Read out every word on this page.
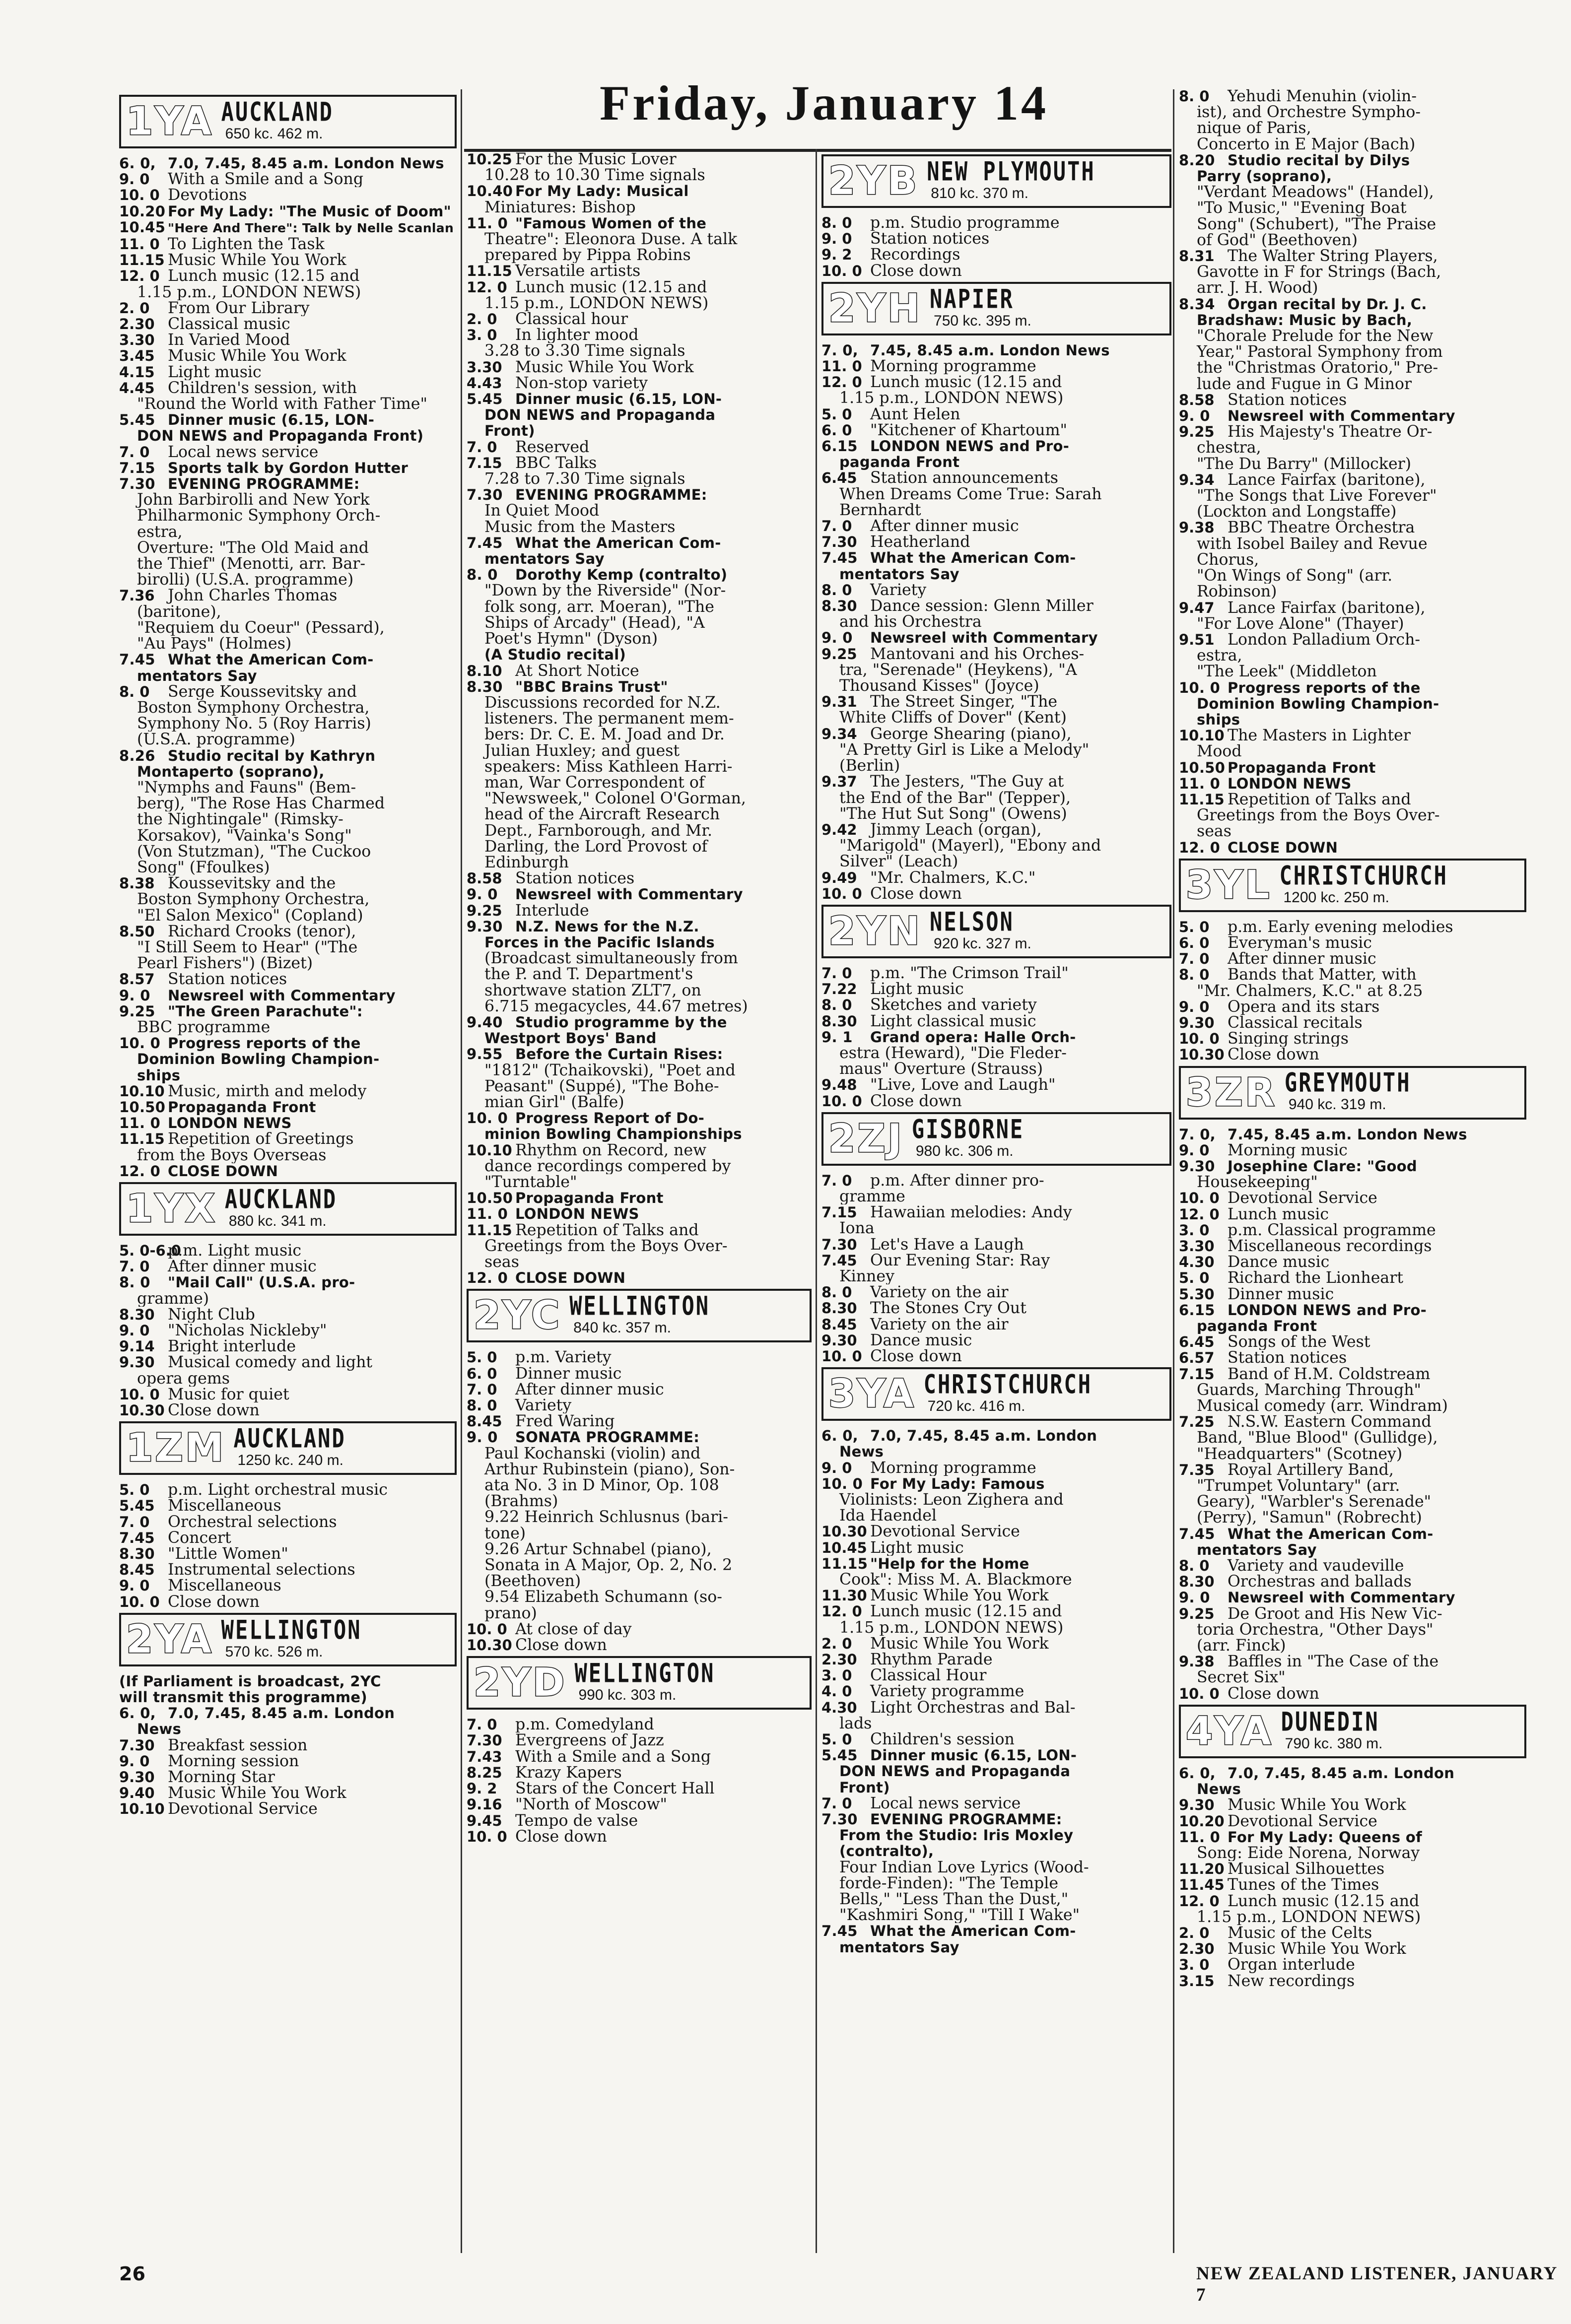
Friday, January 14
1YA AUCKLAND
650 kc. 462 m.
6. 0, 7.0, 7.45, 8.45 a.m. London News
9. 0 With a Smile and a Song
10. 0 Devotions
10.20 For My Lady: "The Music of Doom"
10.45 "Here And There": Talk by Nelle Scanlan
11. 0 To Lighten the Task
11.15 Music While You Work
12. 0 Lunch music (12.15 and
1.15 p.m., LONDON NEWS)
2. 0 From Our Library
2.30 Classical music
3.30 In Varied Mood
3.45 Music While You Work
4.15 Light music
4.45 Children's session, with
"Round the World with Father Time"
5.45 Dinner music (6.15, LON-
DON NEWS and Propaganda Front)
7. 0 Local news service
7.15 Sports talk by Gordon Hutter
7.30 EVENING PROGRAMME:
John Barbirolli and New York
Philharmonic Symphony Orch-
estra,
Overture: "The Old Maid and
the Thief" (Menotti, arr. Bar-
birolli) (U.S.A. programme)
7.36 John Charles Thomas
(baritone),
"Requiem du Coeur" (Pessard),
"Au Pays" (Holmes)
7.45 What the American Com-
mentators Say
8. 0 Serge Koussevitsky and
Boston Symphony Orchestra,
Symphony No. 5 (Roy Harris)
(U.S.A. programme)
8.26 Studio recital by Kathryn
Montaperto (soprano),
"Nymphs and Fauns" (Bem-
berg), "The Rose Has Charmed
the Nightingale" (Rimsky-
Korsakov), "Vainka's Song"
(Von Stutzman), "The Cuckoo
Song" (Ffoulkes)
8.38 Koussevitsky and the
Boston Symphony Orchestra,
"El Salon Mexico" (Copland)
8.50 Richard Crooks (tenor),
"I Still Seem to Hear" ("The
Pearl Fishers") (Bizet)
8.57 Station notices
9. 0 Newsreel with Commentary
9.25 "The Green Parachute":
BBC programme
10. 0 Progress reports of the
Dominion Bowling Champion-
ships
10.10 Music, mirth and melody
10.50 Propaganda Front
11. 0 LONDON NEWS
11.15 Repetition of Greetings
from the Boys Overseas
12. 0 CLOSE DOWN
1YX AUCKLAND
880 kc. 341 m.
5. 0-6.0p.m. Light music
7. 0 After dinner music
8. 0 "Mail Call" (U.S.A. pro-
gramme)
8.30 Night Club
9. 0 "Nicholas Nickleby"
9.14 Bright interlude
9.30 Musical comedy and light
opera gems
10. 0 Music for quiet
10.30 Close down
1ZM AUCKLAND
1250 kc. 240 m.
5. 0 p.m. Light orchestral music
5.45 Miscellaneous
7. 0 Orchestral selections
7.45 Concert
8.30 "Little Women"
8.45 Instrumental selections
9. 0 Miscellaneous
10. 0 Close down
2YA WELLINGTON
570 kc. 526 m.
(If Parliament is broadcast, 2YC
will transmit this programme)
6. 0, 7.0, 7.45, 8.45 a.m. London
News
7.30 Breakfast session
9. 0 Morning session
9.30 Morning Star
9.40 Music While You Work
10.10 Devotional Service
10.25 For the Music Lover
10.28 to 10.30 Time signals
10.40 For My Lady: Musical
Miniatures: Bishop
11. 0 "Famous Women of the
Theatre": Eleonora Duse. A talk
prepared by Pippa Robins
11.15 Versatile artists
12. 0 Lunch music (12.15 and
1.15 p.m., LONDON NEWS)
2. 0 Classical hour
3. 0 In lighter mood
3.28 to 3.30 Time signals
3.30 Music While You Work
4.43 Non-stop variety
5.45 Dinner music (6.15, LON-
DON NEWS and Propaganda
Front)
7. 0 Reserved
7.15 BBC Talks
7.28 to 7.30 Time signals
7.30 EVENING PROGRAMME:
In Quiet Mood
Music from the Masters
7.45 What the American Com-
mentators Say
8. 0 Dorothy Kemp (contralto)
"Down by the Riverside" (Nor-
folk song, arr. Moeran), "The
Ships of Arcady" (Head), "A
Poet's Hymn" (Dyson)
(A Studio recital)
8.10 At Short Notice
8.30 "BBC Brains Trust"
Discussions recorded for N.Z.
listeners. The permanent mem-
bers: Dr. C. E. M. Joad and Dr.
Julian Huxley; and guest
speakers: Miss Kathleen Harri-
man, War Correspondent of
"Newsweek," Colonel O'Gorman,
head of the Aircraft Research
Dept., Farnborough, and Mr.
Darling, the Lord Provost of
Edinburgh
8.58 Station notices
9. 0 Newsreel with Commentary
9.25 Interlude
9.30 N.Z. News for the N.Z.
Forces in the Pacific Islands
(Broadcast simultaneously from
the P. and T. Department's
shortwave station ZLT7, on
6.715 megacycles, 44.67 metres)
9.40 Studio programme by the
Westport Boys' Band
9.55 Before the Curtain Rises:
"1812" (Tchaikovski), "Poet and
Peasant" (Suppé), "The Bohe-
mian Girl" (Balfe)
10. 0 Progress Report of Do-
minion Bowling Championships
10.10 Rhythm on Record, new
dance recordings compered by
"Turntable"
10.50 Propaganda Front
11. 0 LONDON NEWS
11.15 Repetition of Talks and
Greetings from the Boys Over-
seas
12. 0 CLOSE DOWN
2YC WELLINGTON
840 kc. 357 m.
5. 0 p.m. Variety
6. 0 Dinner music
7. 0 After dinner music
8. 0 Variety
8.45 Fred Waring
9. 0 SONATA PROGRAMME:
Paul Kochanski (violin) and
Arthur Rubinstein (piano), Son-
ata No. 3 in D Minor, Op. 108
(Brahms)
9.22 Heinrich Schlusnus (bari-
tone)
9.26 Artur Schnabel (piano),
Sonata in A Major, Op. 2, No. 2
(Beethoven)
9.54 Elizabeth Schumann (so-
prano)
10. 0 At close of day
10.30 Close down
2YD WELLINGTON
990 kc. 303 m.
7. 0 p.m. Comedyland
7.30 Evergreens of Jazz
7.43 With a Smile and a Song
8.25 Krazy Kapers
9. 2 Stars of the Concert Hall
9.16 "North of Moscow"
9.45 Tempo de valse
10. 0 Close down
2YB NEW PLYMOUTH
810 kc. 370 m.
8. 0 p.m. Studio programme
9. 0 Station notices
9. 2 Recordings
10. 0 Close down
2YH NAPIER
750 kc. 395 m.
7. 0, 7.45, 8.45 a.m. London News
11. 0 Morning programme
12. 0 Lunch music (12.15 and
1.15 p.m., LONDON NEWS)
5. 0 Aunt Helen
6. 0 "Kitchener of Khartoum"
6.15 LONDON NEWS and Pro-
paganda Front
6.45 Station announcements
When Dreams Come True: Sarah
Bernhardt
7. 0 After dinner music
7.30 Heatherland
7.45 What the American Com-
mentators Say
8. 0 Variety
8.30 Dance session: Glenn Miller
and his Orchestra
9. 0 Newsreel with Commentary
9.25 Mantovani and his Orches-
tra, "Serenade" (Heykens), "A
Thousand Kisses" (Joyce)
9.31 The Street Singer, "The
White Cliffs of Dover" (Kent)
9.34 George Shearing (piano),
"A Pretty Girl is Like a Melody"
(Berlin)
9.37 The Jesters, "The Guy at
the End of the Bar" (Tepper),
"The Hut Sut Song" (Owens)
9.42 Jimmy Leach (organ),
"Marigold" (Mayerl), "Ebony and
Silver" (Leach)
9.49 "Mr. Chalmers, K.C."
10. 0 Close down
2YN NELSON
920 kc. 327 m.
7. 0 p.m. "The Crimson Trail"
7.22 Light music
8. 0 Sketches and variety
8.30 Light classical music
9. 1 Grand opera: Halle Orch-
estra (Heward), "Die Fleder-
maus" Overture (Strauss)
9.48 "Live, Love and Laugh"
10. 0 Close down
2ZJ GISBORNE
980 kc. 306 m.
7. 0 p.m. After dinner pro-
gramme
7.15 Hawaiian melodies: Andy
Iona
7.30 Let's Have a Laugh
7.45 Our Evening Star: Ray
Kinney
8. 0 Variety on the air
8.30 The Stones Cry Out
8.45 Variety on the air
9.30 Dance music
10. 0 Close down
3YA CHRISTCHURCH
720 kc. 416 m.
6. 0, 7.0, 7.45, 8.45 a.m. London
News
9. 0 Morning programme
10. 0 For My Lady: Famous
Violinists: Leon Zighera and
Ida Haendel
10.30 Devotional Service
10.45 Light music
11.15 "Help for the Home
Cook": Miss M. A. Blackmore
11.30 Music While You Work
12. 0 Lunch music (12.15 and
1.15 p.m., LONDON NEWS)
2. 0 Music While You Work
2.30 Rhythm Parade
3. 0 Classical Hour
4. 0 Variety programme
4.30 Light Orchestras and Bal-
lads
5. 0 Children's session
5.45 Dinner music (6.15, LON-
DON NEWS and Propaganda
Front)
7. 0 Local news service
7.30 EVENING PROGRAMME:
From the Studio: Iris Moxley
(contralto),
Four Indian Love Lyrics (Wood-
forde-Finden): "The Temple
Bells," "Less Than the Dust,"
"Kashmiri Song," "Till I Wake"
7.45 What the American Com-
mentators Say
8. 0 Yehudi Menuhin (violin-
ist), and Orchestre Sympho-
nique of Paris,
Concerto in E Major (Bach)
8.20 Studio recital by Dilys
Parry (soprano),
"Verdant Meadows" (Handel),
"To Music," "Evening Boat
Song" (Schubert), "The Praise
of God" (Beethoven)
8.31 The Walter String Players,
Gavotte in F for Strings (Bach,
arr. J. H. Wood)
8.34 Organ recital by Dr. J. C.
Bradshaw: Music by Bach,
"Chorale Prelude for the New
Year," Pastoral Symphony from
the "Christmas Oratorio," Pre-
lude and Fugue in G Minor
8.58 Station notices
9. 0 Newsreel with Commentary
9.25 His Majesty's Theatre Or-
chestra,
"The Du Barry" (Millocker)
9.34 Lance Fairfax (baritone),
"The Songs that Live Forever"
(Lockton and Longstaffe)
9.38 BBC Theatre Orchestra
with Isobel Bailey and Revue
Chorus,
"On Wings of Song" (arr.
Robinson)
9.47 Lance Fairfax (baritone),
"For Love Alone" (Thayer)
9.51 London Palladium Orch-
estra,
"The Leek" (Middleton
10. 0 Progress reports of the
Dominion Bowling Champion-
ships
10.10 The Masters in Lighter
Mood
10.50 Propaganda Front
11. 0 LONDON NEWS
11.15 Repetition of Talks and
Greetings from the Boys Over-
seas
12. 0 CLOSE DOWN
3YL CHRISTCHURCH
1200 kc. 250 m.
5. 0 p.m. Early evening melodies
6. 0 Everyman's music
7. 0 After dinner music
8. 0 Bands that Matter, with
"Mr. Chalmers, K.C." at 8.25
9. 0 Opera and its stars
9.30 Classical recitals
10. 0 Singing strings
10.30 Close down
3ZR GREYMOUTH
940 kc. 319 m.
7. 0, 7.45, 8.45 a.m. London News
9. 0 Morning music
9.30 Josephine Clare: "Good
Housekeeping"
10. 0 Devotional Service
12. 0 Lunch music
3. 0 p.m. Classical programme
3.30 Miscellaneous recordings
4.30 Dance music
5. 0 Richard the Lionheart
5.30 Dinner music
6.15 LONDON NEWS and Pro-
paganda Front
6.45 Songs of the West
6.57 Station notices
7.15 Band of H.M. Coldstream
Guards, Marching Through"
Musical comedy (arr. Windram)
7.25 N.S.W. Eastern Command
Band, "Blue Blood" (Gullidge),
"Headquarters" (Scotney)
7.35 Royal Artillery Band,
"Trumpet Voluntary" (arr.
Geary), "Warbler's Serenade"
(Perry), "Samun" (Robrecht)
7.45 What the American Com-
mentators Say
8. 0 Variety and vaudeville
8.30 Orchestras and ballads
9. 0 Newsreel with Commentary
9.25 De Groot and His New Vic-
toria Orchestra, "Other Days"
(arr. Finck)
9.38 Baffles in "The Case of the
Secret Six"
10. 0 Close down
4YA DUNEDIN
790 kc. 380 m.
6. 0, 7.0, 7.45, 8.45 a.m. London
News
9.30 Music While You Work
10.20 Devotional Service
11. 0 For My Lady: Queens of
Song: Eide Norena, Norway
11.20 Musical Silhouettes
11.45 Tunes of the Times
12. 0 Lunch music (12.15 and
1.15 p.m., LONDON NEWS)
2. 0 Music of the Celts
2.30 Music While You Work
3. 0 Organ interlude
3.15 New recordings
26	NEW ZEALAND LISTENER, JANUARY 7
